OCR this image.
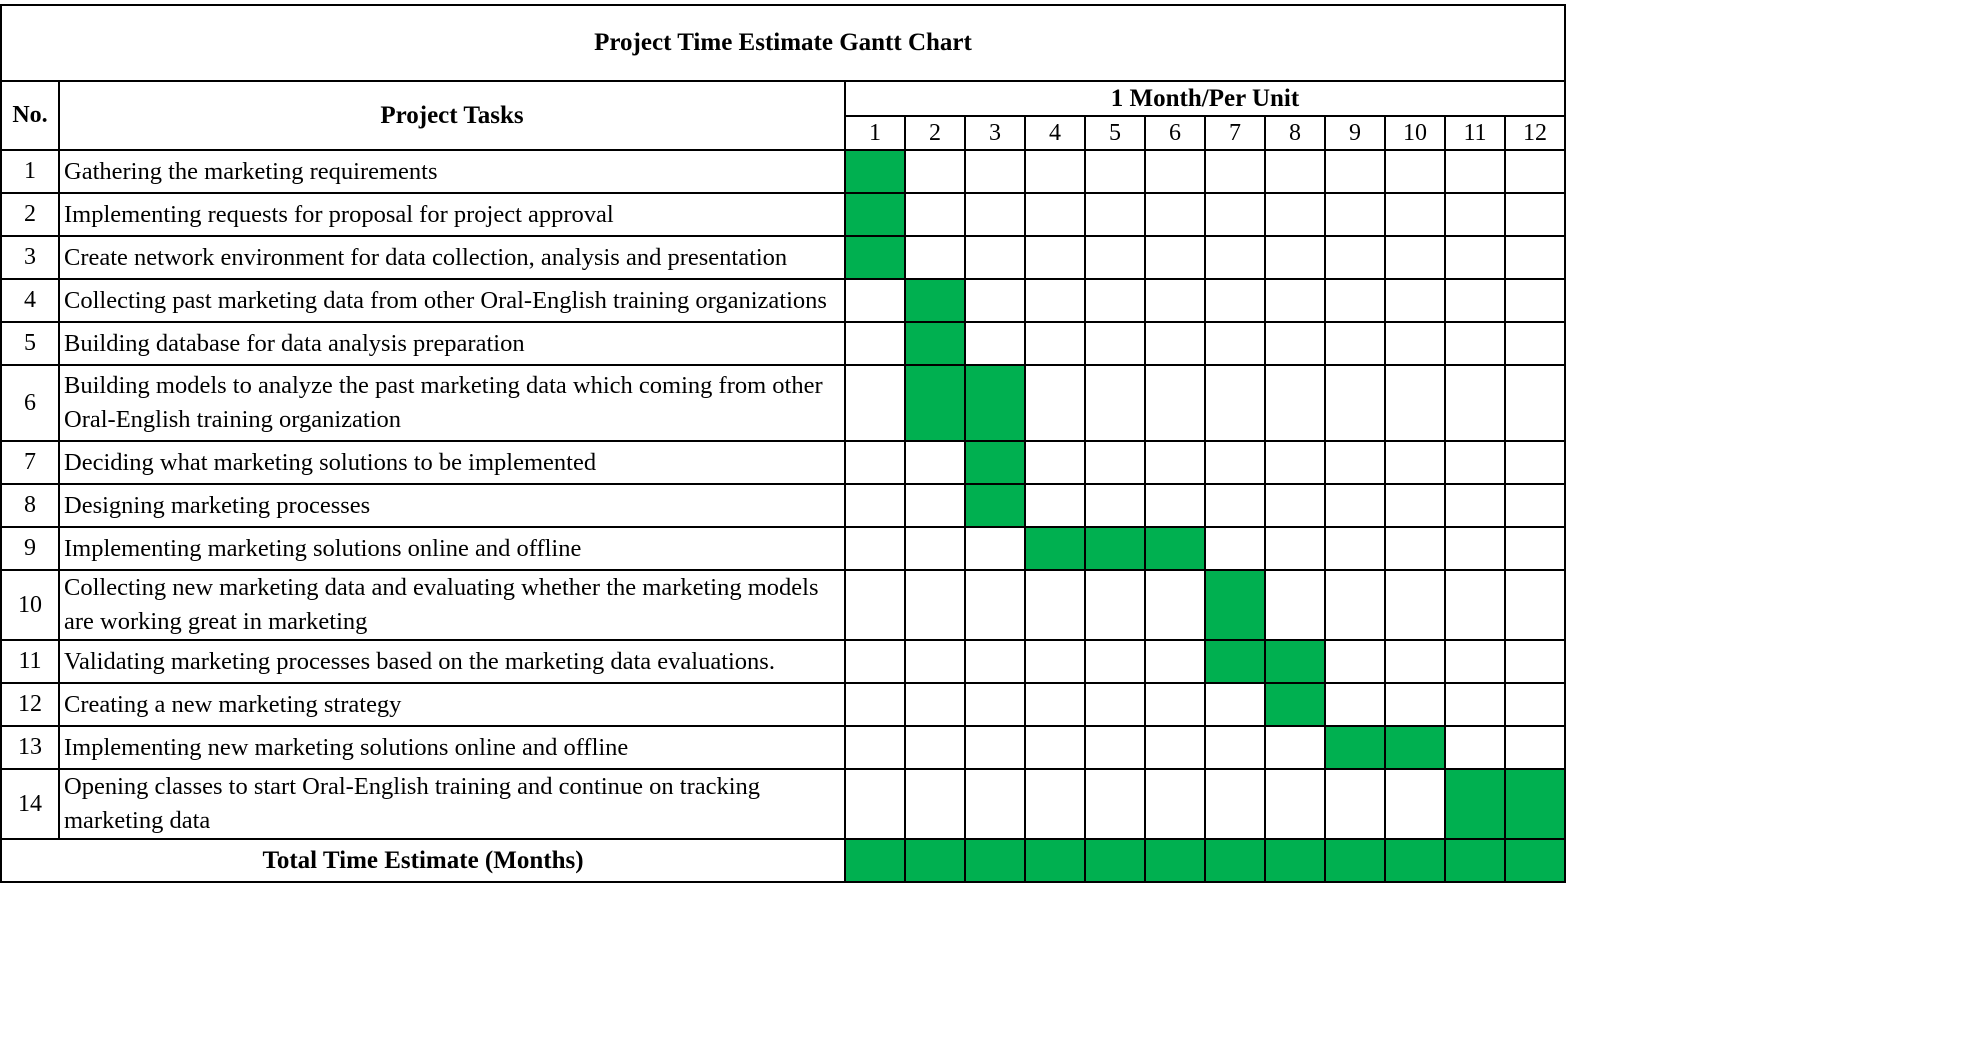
Project Time Estimate Gantt Chart													
No.	Project Tasks	1 Month/Per Unit											
		1	2	3	4	5	6	7	8	9	10	11	12
1	Gathering the marketing requirements												
2	Implementing requests for proposal for project approval												
3	Create network environment for data collection, analysis and presentation												
4	Collecting past marketing data from other Oral-English training organizations												
5	Building database for data analysis preparation												
6	Building models to analyze the past marketing data which coming from other Oral-English training organization												
7	Deciding what marketing solutions to be implemented												
8	Designing marketing processes												
9	Implementing marketing solutions online and offline												
10	Collecting new marketing data and evaluating whether the marketing models are working great in marketing												
11	Validating marketing processes based on the marketing data evaluations.												
12	Creating a new marketing strategy												
13	Implementing new marketing solutions online and offline												
14	Opening classes to start Oral-English training and continue on tracking marketing data												
Total Time Estimate (Months)													
